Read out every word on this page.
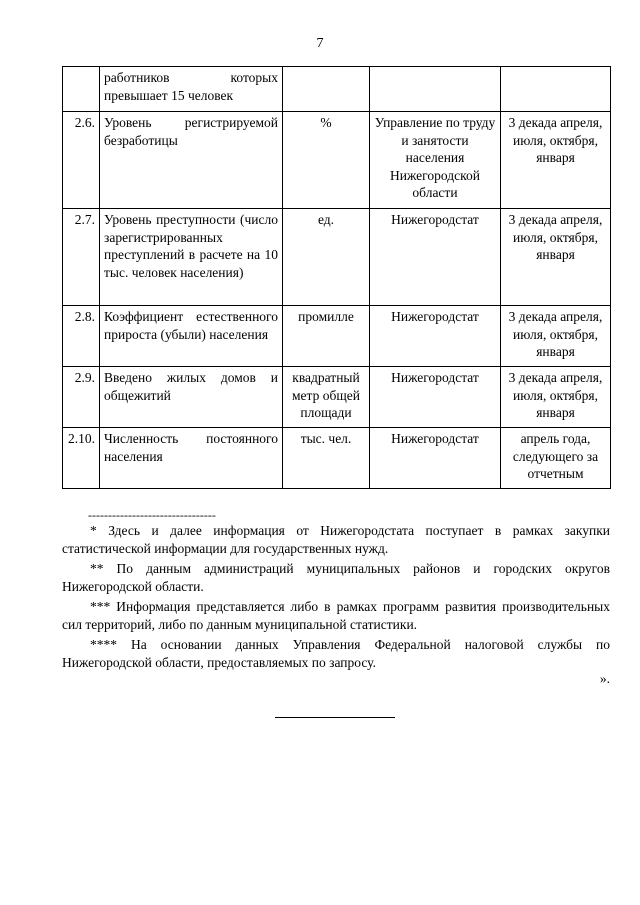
7
	работников которых превышает 15 человек			
2.6.	Уровень регистрируемой безработицы	%	Управление по труду и занятости населения Нижегородской области	3 декада апреля, июля, октября, января
2.7.	Уровень преступности (число зарегистрированных преступлений в расчете на 10 тыс. человек населения)	ед.	Нижегородстат	3 декада апреля, июля, октября, января
2.8.	Коэффициент естественного прироста (убыли) населения	промилле	Нижегородстат	3 декада апреля, июля, октября, января
2.9.	Введено жилых домов и общежитий	квадратный метр общей площади	Нижегородстат	3 декада апреля, июля, октября, января
2.10.	Численность постоянного населения	тыс. чел.	Нижегородстат	апрель года, следующего за отчетным
--------------------------------

* Здесь и далее информация от Нижегородстата поступает в рамках закупки статистической информации для государственных нужд.

** По данным администраций муниципальных районов и городских округов Нижегородской области.

*** Информация представляется либо в рамках программ развития производительных сил территорий, либо по данным муниципальной статистики.

**** На основании данных Управления Федеральной налоговой службы по Нижегородской области, предоставляемых по запросу.

».
